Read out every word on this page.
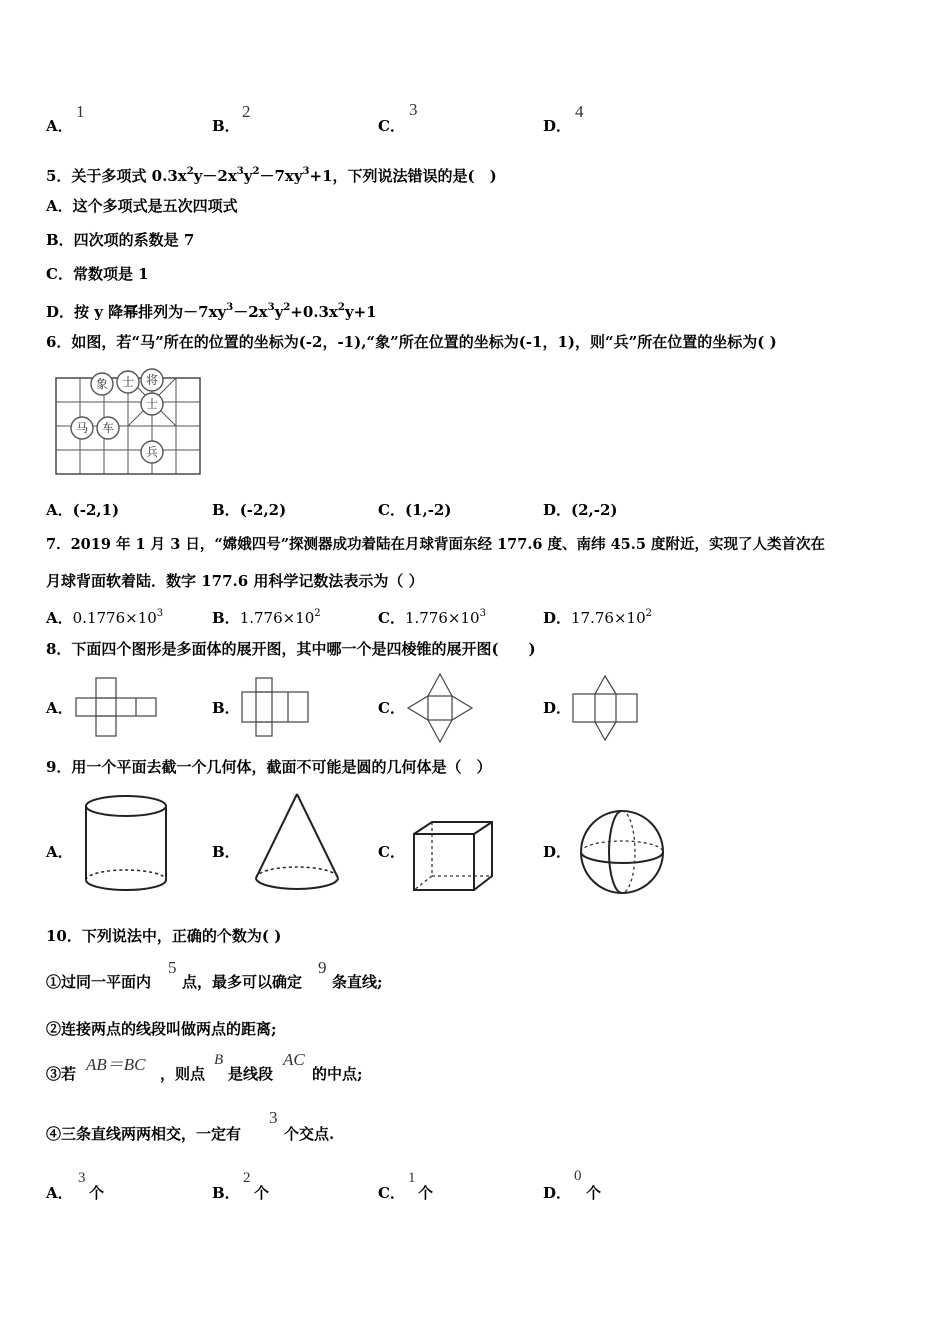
A．
1
B．
2
C．
3
D．
4
5．关于多项式 $0.3x^2y-2x^3y^2-7xy^3+1$，下列说法错误的是(　)
A．这个多项式是五次四项式
B．四次项的系数是 7
C．常数项是 1
D．按 y 降幂排列为$-7xy^3-2x^3y^2+0.3x^2y+1$
6．如图，若“马”所在的位置的坐标为(-2，-1),“象”所在位置的坐标为(-1，1)，则“兵”所在位置的坐标为( )
象 士 将
士
马 车
兵
A．(-2,1)	B．(-2,2)	C．(1,-2)	D．(2,-2)
7．2019 年 1 月 3 日，“嫦娥四号”探测器成功着陆在月球背面东经 177.6 度、南纬 45.5 度附近，实现了人类首次在
月球背面软着陆．数字 177.6 用科学记数法表示为（ ）
A．$0.1776\times 10^3$	B．$1.776\times 10^2$	C．$1.776\times 10^3$	D．$17.76\times 10^2$
8．下面四个图形是多面体的展开图，其中哪一个是四棱锥的展开图(　　)
A．	B．	C．	D．
9．用一个平面去截一个几何体，截面不可能是圆的几何体是（　）
A．	B．	C．	D．
10．下列说法中，正确的个数为( )
①过同一平面内
5
点，最多可以确定
9
条直线;
②连接两点的线段叫做两点的距离;
③若 AB＝BC ，则点
B
是线段
AC
的中点;
④三条直线两两相交，一定有
3
个交点.
A．
3
个	B．
2
个	C．
1
个	D．
0
个
